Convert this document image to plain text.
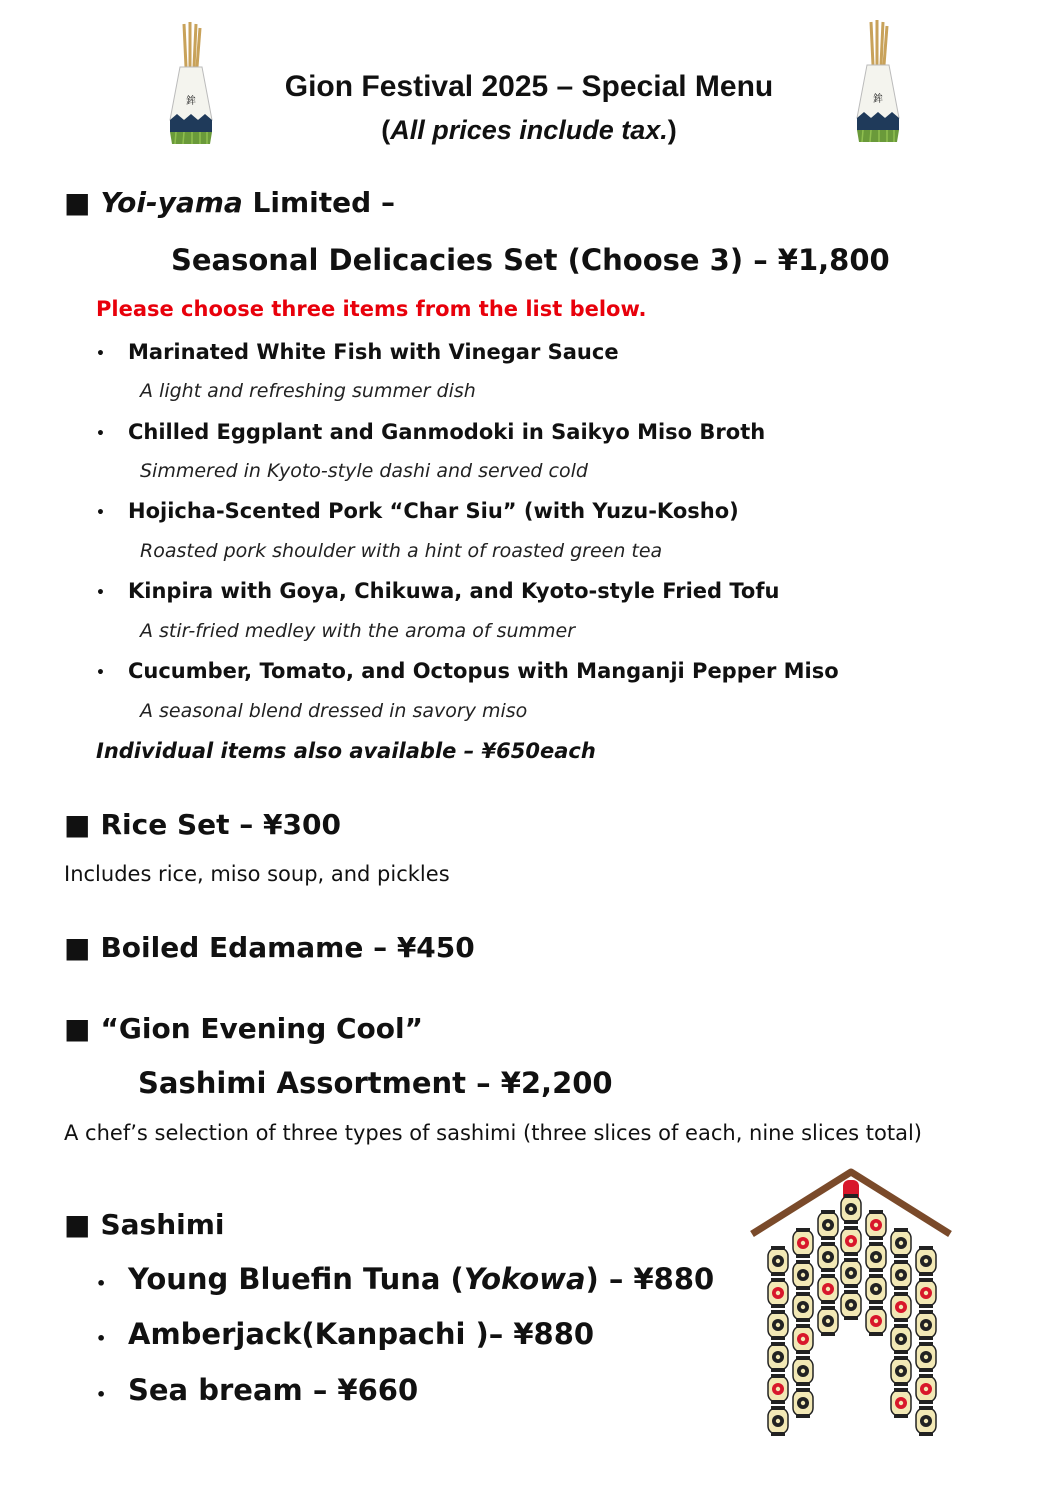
鉾	鉾
Gion Festival 2025 – Special Menu
(All prices include tax.)
■ Yoi-yama Limited –
Seasonal Delicacies Set (Choose 3) – ¥1,800
Please choose three items from the list below.
• Marinated White Fish with Vinegar Sauce
A light and refreshing summer dish
• Chilled Eggplant and Ganmodoki in Saikyo Miso Broth
Simmered in Kyoto-style dashi and served cold
• Hojicha-Scented Pork “Char Siu” (with Yuzu-Kosho)
Roasted pork shoulder with a hint of roasted green tea
• Kinpira with Goya, Chikuwa, and Kyoto-style Fried Tofu
A stir-fried medley with the aroma of summer
• Cucumber, Tomato, and Octopus with Manganji Pepper Miso
A seasonal blend dressed in savory miso
Individual items also available – ¥650each
■ Rice Set – ¥300
Includes rice, miso soup, and pickles
■ Boiled Edamame – ¥450
■ “Gion Evening Cool”
Sashimi Assortment – ¥2,200
A chef’s selection of three types of sashimi (three slices of each, nine slices total)
■ Sashimi
• Young Bluefin Tuna (Yokowa) – ¥880
• Amberjack(Kanpachi )– ¥880
• Sea bream – ¥660
